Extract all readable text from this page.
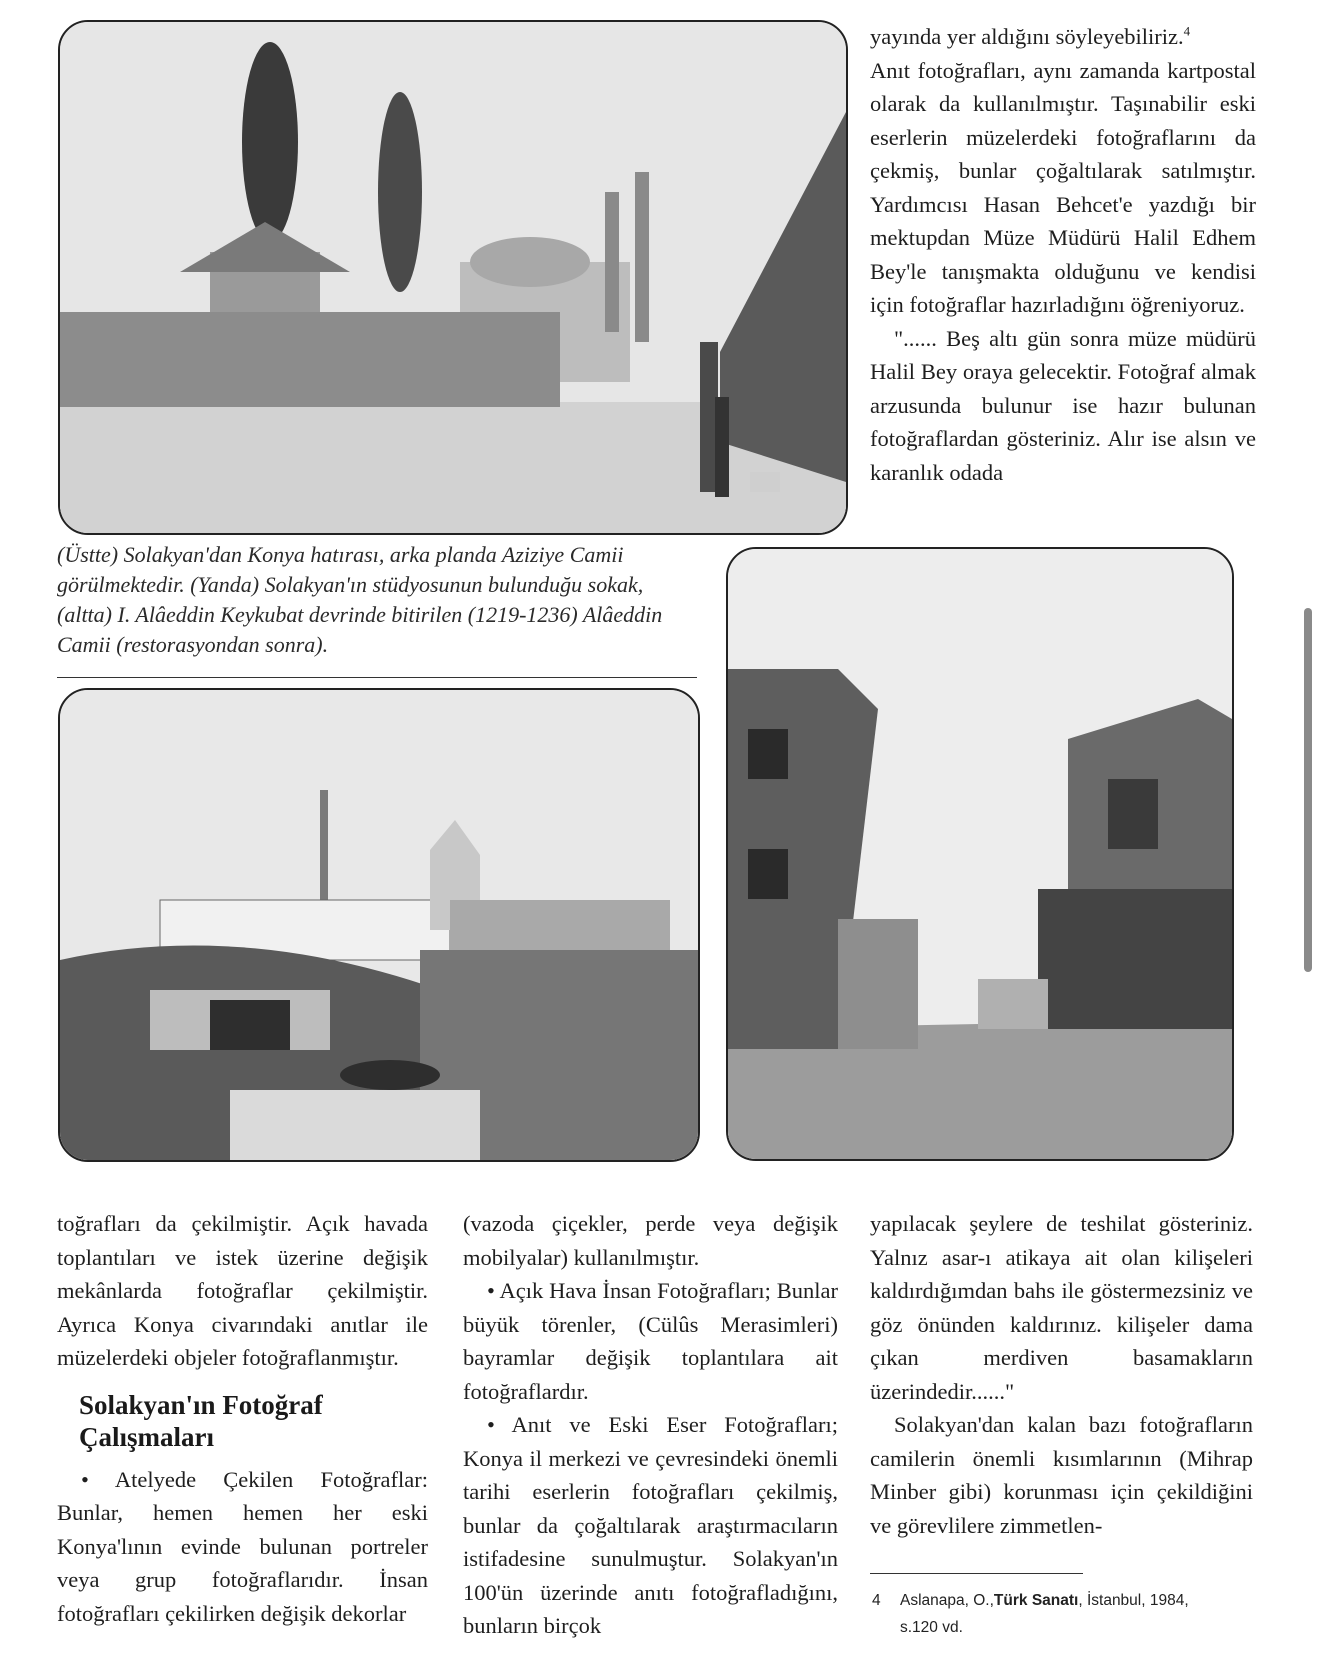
yayında yer aldığını söyleyebiliriz.$^4$

Anıt fotoğrafları, aynı zamanda kartpostal olarak da kullanılmıştır. Taşınabilir eski eserlerin müzelerdeki fotoğraflarını da çekmiş, bunlar çoğaltılarak satılmıştır. Yardımcısı Hasan Behcet'e yazdığı bir mektupdan Müze Müdürü Halil Edhem Bey'le tanışmakta olduğunu ve kendisi için fotoğraflar hazırladığını öğreniyoruz.

"...... Beş altı gün sonra müze müdürü Halil Bey oraya gelecektir. Fotoğraf almak arzusunda bulunur ise hazır bulunan fotoğraflardan gösteriniz. Alır ise alsın ve karanlık odada

(Üstte) Solakyan'dan Konya hatırası, arka planda Aziziye Camii görülmektedir. (Yanda) Solakyan'ın stüdyosunun bulunduğu sokak, (altta) I. Alâeddin Keykubat devrinde bitirilen (1219-1236) Alâeddin Camii (restorasyondan sonra).

toğrafları da çekilmiştir. Açık havada toplantıları ve istek üzerine değişik mekânlarda fotoğraflar çekilmiştir. Ayrıca Konya civarındaki anıtlar ile müzelerdeki objeler fotoğraflanmıştır.

Solakyan'ın Fotoğraf Çalışmaları

• Atelyede Çekilen Fotoğraflar: Bunlar, hemen hemen her eski Konya'lının evinde bulunan portreler veya grup fotoğraflarıdır. İnsan fotoğrafları çekilirken değişik dekorlar

(vazoda çiçekler, perde veya değişik mobilyalar) kullanılmıştır.

• Açık Hava İnsan Fotoğrafları; Bunlar büyük törenler, (Cülûs Merasimleri) bayramlar değişik toplantılara ait fotoğraflardır.

• Anıt ve Eski Eser Fotoğrafları; Konya il merkezi ve çevresindeki önemli tarihi eserlerin fotoğrafları çekilmiş, bunlar da çoğaltılarak araştırmacıların istifadesine sunulmuştur. Solakyan'ın 100'ün üzerinde anıtı fotoğrafladığını, bunların birçok

yapılacak şeylere de teshilat gösteriniz. Yalnız asar-ı atikaya ait olan kilişeleri kaldırdığımdan bahs ile göstermezsiniz ve göz önünden kaldırınız. kilişeler dama çıkan merdiven basamakların üzerindedir......"

Solakyan'dan kalan bazı fotoğrafların camilerin önemli kısımlarının (Mihrap Minber gibi) korunması için çekildiğini ve görevlilere zimmetlen-

4 Aslanapa, O.,Türk Sanatı, İstanbul, 1984,
s.120 vd.
